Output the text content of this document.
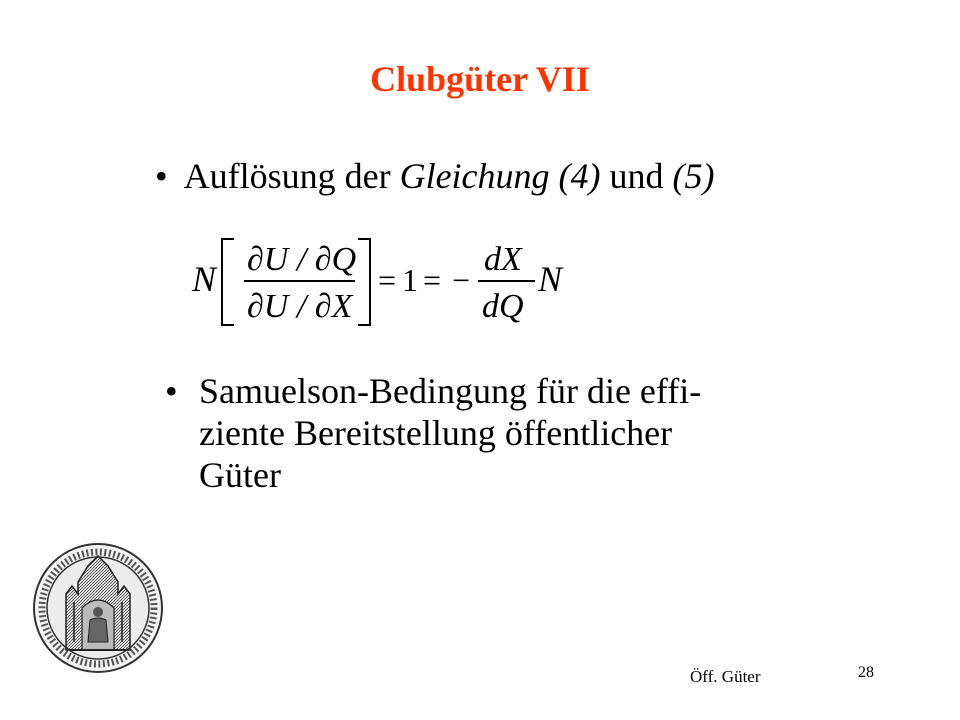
Clubgüter VII
• Auflösung der Gleichung (4) und (5)
N ∂U / ∂Q
∂U / ∂X
= 1 = −
dX
dQ
N
• Samuelson-Bedingung für die effi-
ziente Bereitstellung öffentlicher
Güter
Öff. Güter	28
